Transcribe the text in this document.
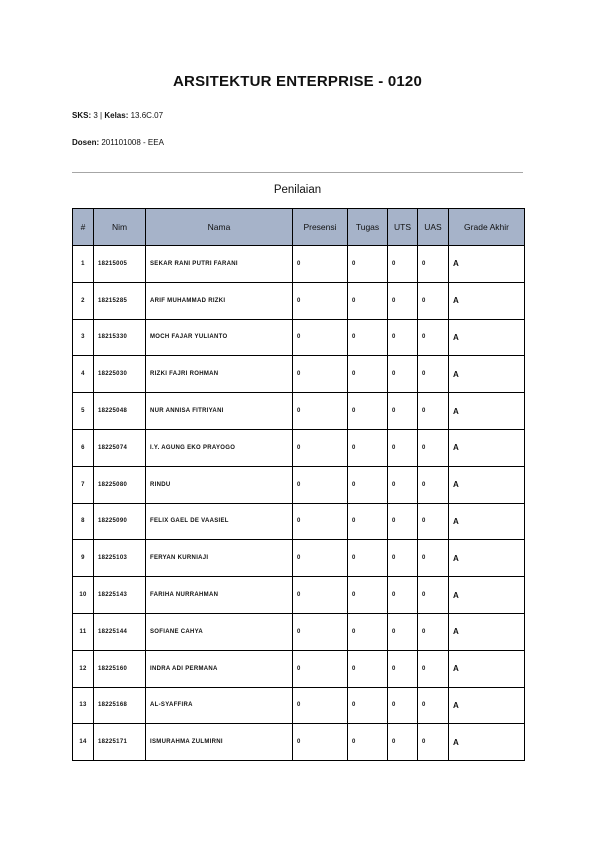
ARSITEKTUR ENTERPRISE - 0120
SKS: 3 | Kelas: 13.6C.07
Dosen: 201101008 - EEA
Penilaian
#	Nim	Nama	Presensi	Tugas	UTS	UAS	Grade Akhir
1	18215005	SEKAR RANI PUTRI FARANI	0	0	0	0	A
2	18215285	ARIF MUHAMMAD RIZKI	0	0	0	0	A
3	18215330	MOCH FAJAR YULIANTO	0	0	0	0	A
4	18225030	RIZKI FAJRI ROHMAN	0	0	0	0	A
5	18225048	NUR ANNISA FITRIYANI	0	0	0	0	A
6	18225074	I.Y. AGUNG EKO PRAYOGO	0	0	0	0	A
7	18225080	RINDU	0	0	0	0	A
8	18225090	FELIX GAEL DE VAASIEL	0	0	0	0	A
9	18225103	FERYAN KURNIAJI	0	0	0	0	A
10	18225143	FARIHA NURRAHMAN	0	0	0	0	A
11	18225144	SOFIANE CAHYA	0	0	0	0	A
12	18225160	INDRA ADI PERMANA	0	0	0	0	A
13	18225168	AL-SYAFFIRA	0	0	0	0	A
14	18225171	ISMURAHMA ZULMIRNI	0	0	0	0	A
